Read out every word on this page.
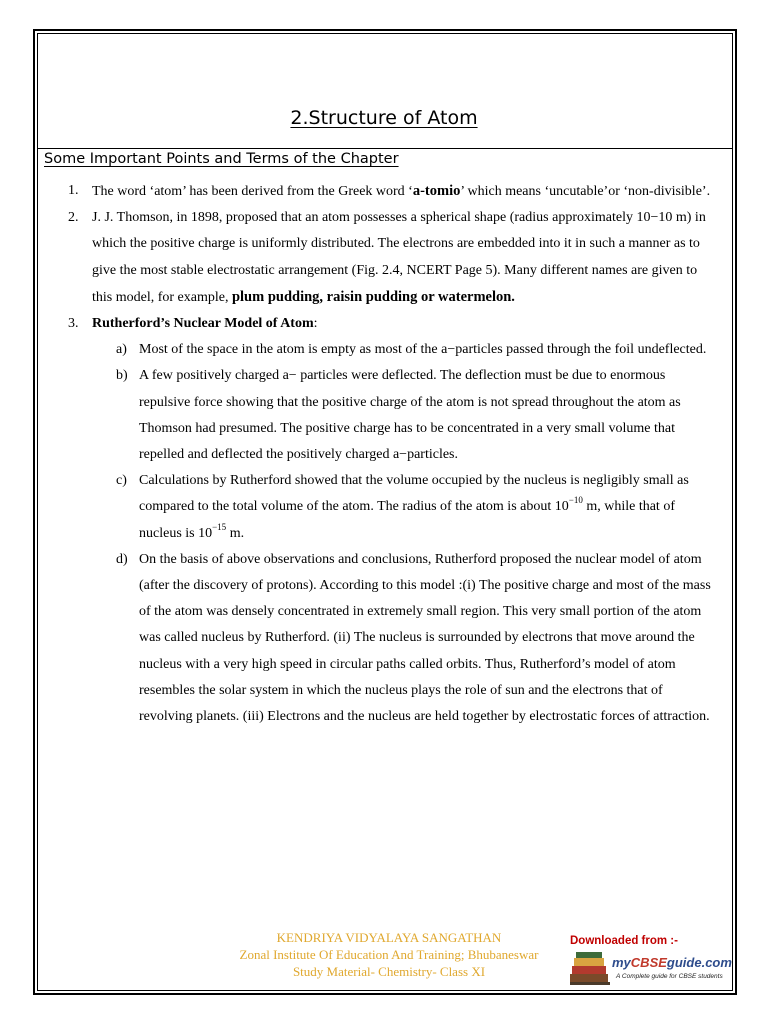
2.Structure of Atom
Some Important Points and Terms of the Chapter
1. The word ‘atom’ has been derived from the Greek word ‘a-tomio’ which means ‘uncutable’or ‘non-divisible’.
2. J. J. Thomson, in 1898, proposed that an atom possesses a spherical shape (radius approximately 10−10 m) in which the positive charge is uniformly distributed. The electrons are embedded into it in such a manner as to give the most stable electrostatic arrangement (Fig. 2.4, NCERT Page 5). Many different names are given to this model, for example, plum pudding, raisin pudding or watermelon.
3. Rutherford’s Nuclear Model of Atom:
a) Most of the space in the atom is empty as most of the a−particles passed through the foil undeflected.
b) A few positively charged a− particles were deflected. The deflection must be due to enormous repulsive force showing that the positive charge of the atom is not spread throughout the atom as Thomson had presumed. The positive charge has to be concentrated in a very small volume that repelled and deflected the positively charged a−particles.
c) Calculations by Rutherford showed that the volume occupied by the nucleus is negligibly small as compared to the total volume of the atom. The radius of the atom is about $10^{-10}$ m, while that of nucleus is $10^{-15}$ m.
d) On the basis of above observations and conclusions, Rutherford proposed the nuclear model of atom (after the discovery of protons). According to this model :(i) The positive charge and most of the mass of the atom was densely concentrated in extremely small region. This very small portion of the atom was called nucleus by Rutherford. (ii) The nucleus is surrounded by electrons that move around the nucleus with a very high speed in circular paths called orbits. Thus, Rutherford’s model of atom resembles the solar system in which the nucleus plays the role of sun and the electrons that of revolving planets. (iii) Electrons and the nucleus are held together by electrostatic forces of attraction.
KENDRIYA VIDYALAYA SANGATHAN
Zonal Institute Of Education And Training; Bhubaneswar
Study Material- Chemistry- Class XI
Downloaded from :-
myCBSEguide.com
A Complete guide for CBSE students
